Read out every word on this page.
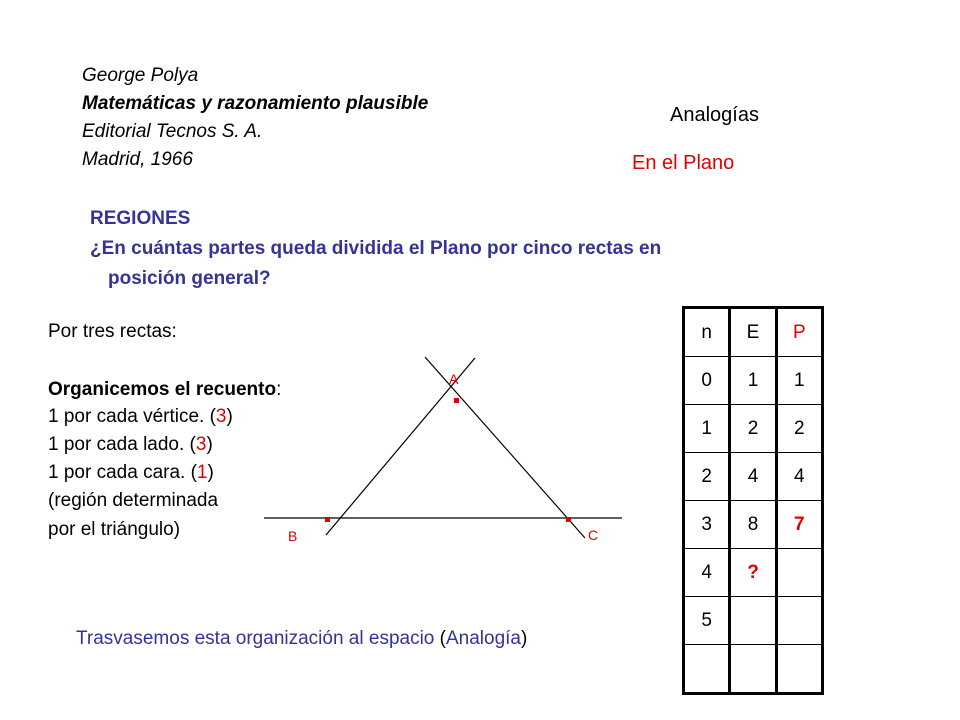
George Polya
Matemáticas y razonamiento plausible
Editorial Tecnos S. A.
Madrid, 1966
Analogías
En el Plano
REGIONES
¿En cuántas partes queda dividida el Plano por cinco rectas en
posición general?
Por tres rectas:
Organicemos el recuento:
1 por cada vértice. (3)
1 por cada lado. (3)
1 por cada cara. (1)
(región determinada
por el triángulo)
A
B	C
Trasvasemos esta organización al espacio (Analogía)
n	E	P
0	1	1
1	2	2
2	4	4
3	8	7
4	?	
5		
